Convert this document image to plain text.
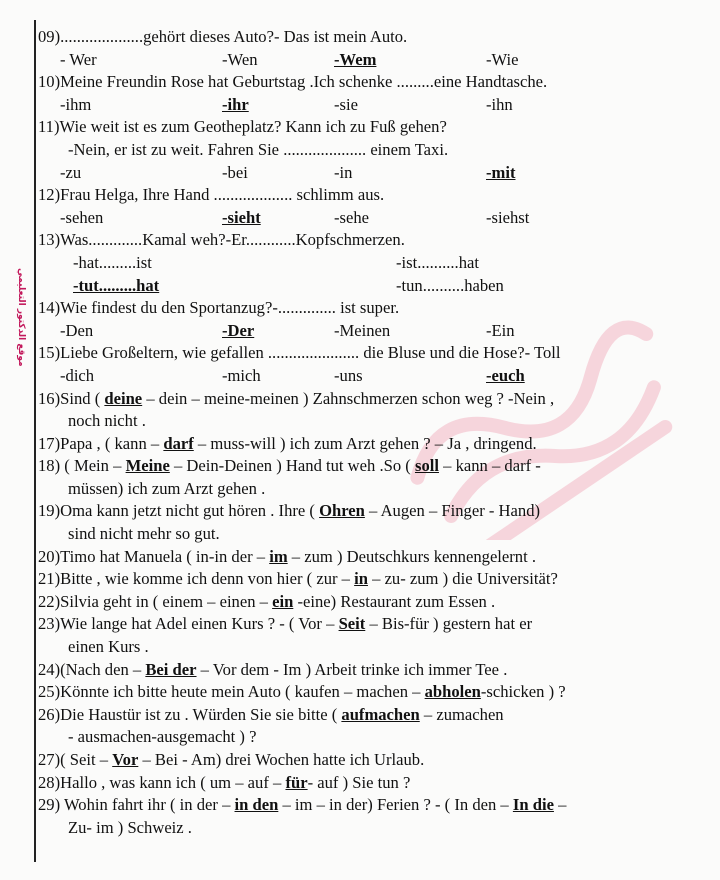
موقع الدكتور التعليمي
09)....................gehört dieses Auto?- Das ist mein Auto.
- Wer	-Wen	-Wem	-Wie
10)Meine Freundin Rose hat Geburtstag .Ich schenke .........eine Handtasche.
-ihm	-ihr	-sie	-ihn
11)Wie weit ist es zum Geotheplatz? Kann ich zu Fuß gehen?
-Nein, er ist zu weit. Fahren Sie .................... einem Taxi.
-zu	-bei	-in	-mit
12)Frau Helga, Ihre Hand ................... schlimm aus.
-sehen	-sieht	-sehe	-siehst
13)Was.............Kamal weh?-Er............Kopfschmerzen.
-hat.........ist	-ist..........hat
-tut.........hat	-tun..........haben
14)Wie findest du den Sportanzug?-.............. ist super.
-Den	-Der	-Meinen	-Ein
15)Liebe Großeltern, wie gefallen ...................... die Bluse und die Hose?- Toll
-dich	-mich	-uns	-euch
16)Sind ( deine – dein – meine-meinen ) Zahnschmerzen schon weg ? -Nein ,
noch nicht .
17)Papa , ( kann – darf – muss-will ) ich zum Arzt gehen ? – Ja , dringend.
18) ( Mein – Meine – Dein-Deinen ) Hand tut weh .So ( soll – kann – darf -
müssen) ich zum Arzt gehen .
19)Oma kann jetzt nicht gut hören . Ihre ( Ohren – Augen – Finger - Hand)
sind nicht mehr so gut.
20)Timo hat Manuela ( in-in der – im – zum ) Deutschkurs kennengelernt .
21)Bitte , wie komme ich denn von hier ( zur – in – zu- zum ) die Universität?
22)Silvia geht in ( einem – einen – ein -eine) Restaurant zum Essen .
23)Wie lange hat Adel einen Kurs ? - ( Vor – Seit – Bis-für ) gestern hat er
einen Kurs .
24)(Nach den – Bei der – Vor dem - Im ) Arbeit trinke ich immer Tee .
25)Könnte ich bitte heute mein Auto ( kaufen – machen – abholen-schicken ) ?
26)Die Haustür ist zu . Würden Sie sie bitte ( aufmachen – zumachen
- ausmachen-ausgemacht ) ?
27)( Seit – Vor – Bei - Am) drei Wochen hatte ich Urlaub.
28)Hallo , was kann ich ( um – auf – für- auf ) Sie tun ?
29) Wohin fahrt ihr ( in der – in den – im – in der) Ferien ? - ( In den – In die –
Zu- im ) Schweiz .
